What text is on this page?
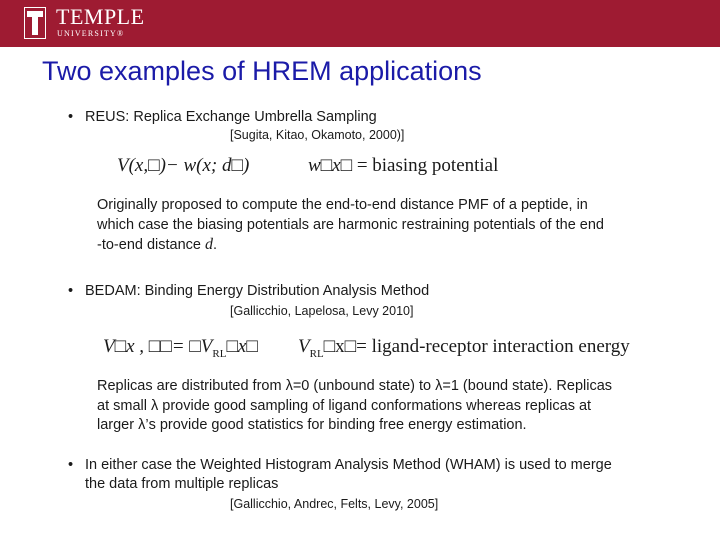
TEMPLE
UNIVERSITY®
Two examples of HREM applications
• REUS: Replica Exchange Umbrella Sampling
[Sugita, Kitao, Okamoto, 2000)]
V(x,□)− w(x; d□)	w□x□ = biasing potential

Originally proposed to compute the end-to-end distance PMF of a peptide, in

which case the biasing potentials are harmonic restraining potentials of the end

-to-end distance d.

• BEDAM: Binding Energy Distribution Analysis Method
[Gallicchio, Lapelosa, Levy 2010]
V□x , □□= $□V_{RL}□x□$ $V_{RL}□x□=$ ligand-receptor interaction energy

Replicas are distributed from λ=0 (unbound state) to λ=1 (bound state). Replicas

at small λ provide good sampling of ligand conformations whereas replicas at

larger λ’s provide good statistics for binding free energy estimation.

• In either case the Weighted Histogram Analysis Method (WHAM) is used to merge
the data from multiple replicas
[Gallicchio, Andrec, Felts, Levy, 2005]
